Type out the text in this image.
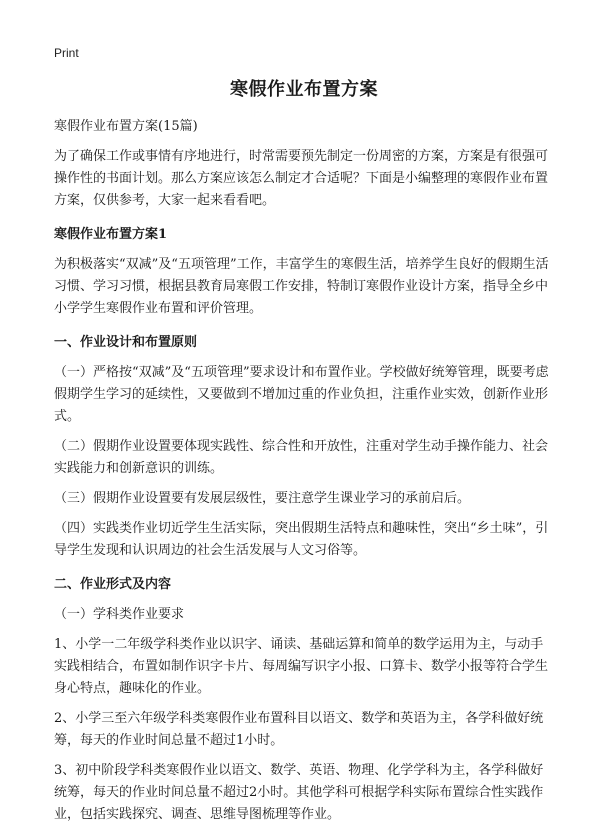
Print
寒假作业布置方案

寒假作业布置方案(15篇)

为了确保工作或事情有序地进行，时常需要预先制定一份周密的方案，方案是有很强可操作性的书面计划。那么方案应该怎么制定才合适呢？下面是小编整理的寒假作业布置方案，仅供参考，大家一起来看看吧。

寒假作业布置方案1

为积极落实“双减”及“五项管理”工作，丰富学生的寒假生活，培养学生良好的假期生活习惯、学习习惯，根据县教育局寒假工作安排，特制订寒假作业设计方案，指导全乡中小学学生寒假作业布置和评价管理。

一、作业设计和布置原则

（一）严格按“双减”及“五项管理”要求设计和布置作业。学校做好统筹管理，既要考虑假期学生学习的延续性，又要做到不增加过重的作业负担，注重作业实效，创新作业形式。

（二）假期作业设置要体现实践性、综合性和开放性，注重对学生动手操作能力、社会实践能力和创新意识的训练。

（三）假期作业设置要有发展层级性，要注意学生课业学习的承前启后。

（四）实践类作业切近学生生活实际，突出假期生活特点和趣味性，突出“乡土味”，引导学生发现和认识周边的社会生活发展与人文习俗等。

二、作业形式及内容

（一）学科类作业要求

1、小学一二年级学科类作业以识字、诵读、基础运算和简单的数学运用为主，与动手实践相结合，布置如制作识字卡片、每周编写识字小报、口算卡、数学小报等符合学生身心特点，趣味化的作业。

2、小学三至六年级学科类寒假作业布置科目以语文、数学和英语为主，各学科做好统筹，每天的作业时间总量不超过1小时。

3、初中阶段学科类寒假作业以语文、数学、英语、物理、化学学科为主，各学科做好统筹，每天的作业时间总量不超过2小时。其他学科可根据学科实际布置综合性实践作业，包括实践探究、调查、思维导图梳理等作业。
